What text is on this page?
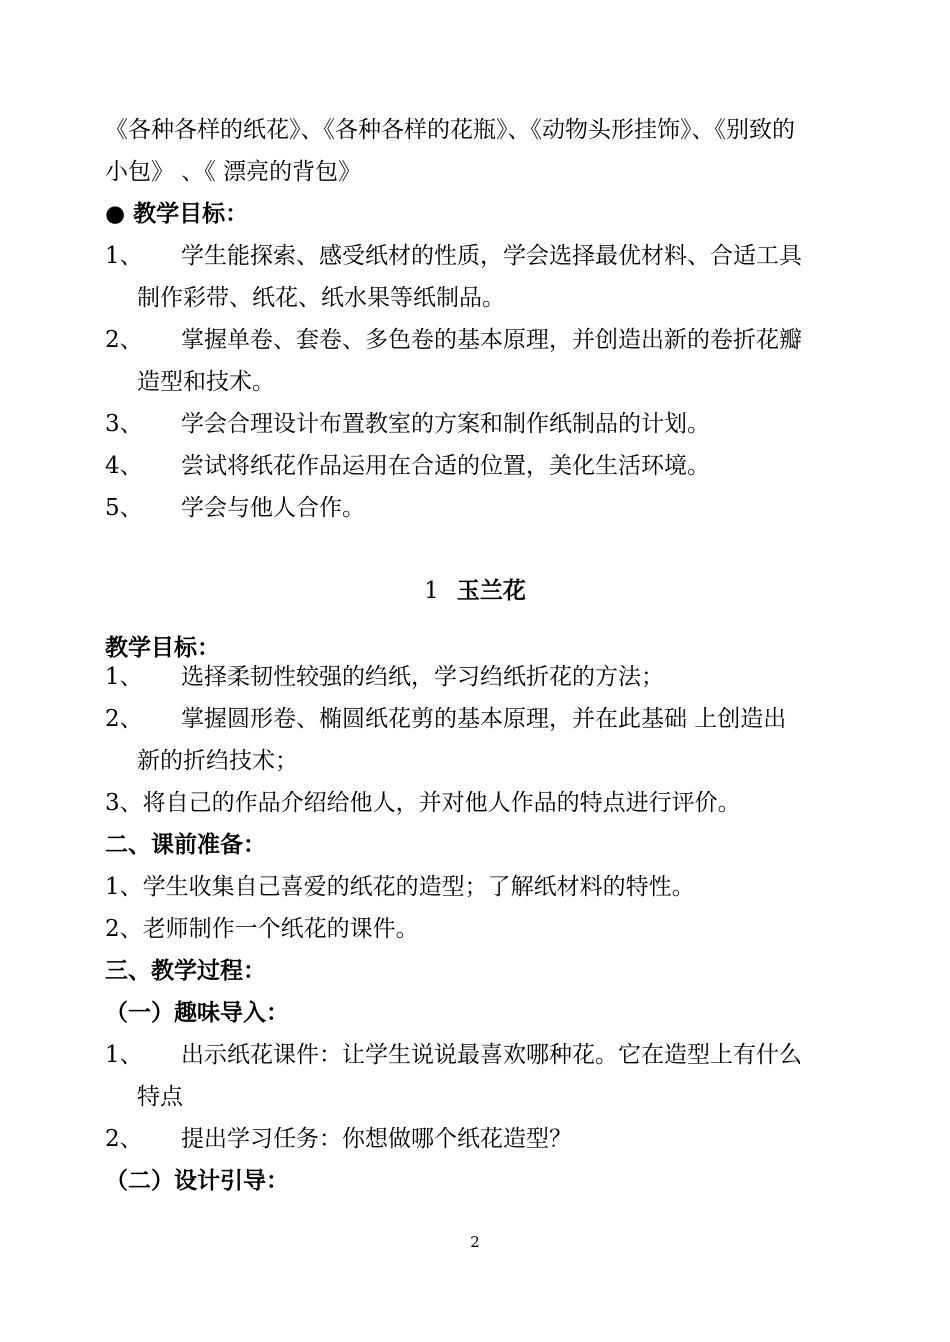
《各种各样的纸花》、《各种各样的花瓶》、《动物头形挂饰》、《别致的
小包》 、《 漂亮的背包》
● 教学目标：
1、 学生能探索、感受纸材的性质，学会选择最优材料、合适工具
制作彩带、纸花、纸水果等纸制品。
2、 掌握单卷、套卷、多色卷的基本原理，并创造出新的卷折花瓣
造型和技术。
3、 学会合理设计布置教室的方案和制作纸制品的计划。
4、 尝试将纸花作品运用在合适的位置，美化生活环境。
5、 学会与他人合作。
1 玉兰花
教学目标：
1、 选择柔韧性较强的绉纸，学习绉纸折花的方法；
2、 掌握圆形卷、椭圆纸花剪的基本原理，并在此基础 上创造出
新的折绉技术；
3、将自己的作品介绍给他人，并对他人作品的特点进行评价。
二、课前准备：
1、学生收集自己喜爱的纸花的造型；了解纸材料的特性。
2、老师制作一个纸花的课件。
三、教学过程：
（一）趣味导入：
1、 出示纸花课件：让学生说说最喜欢哪种花。它在造型上有什么
特点
2、 提出学习任务：你想做哪个纸花造型？
（二）设计引导：
2
